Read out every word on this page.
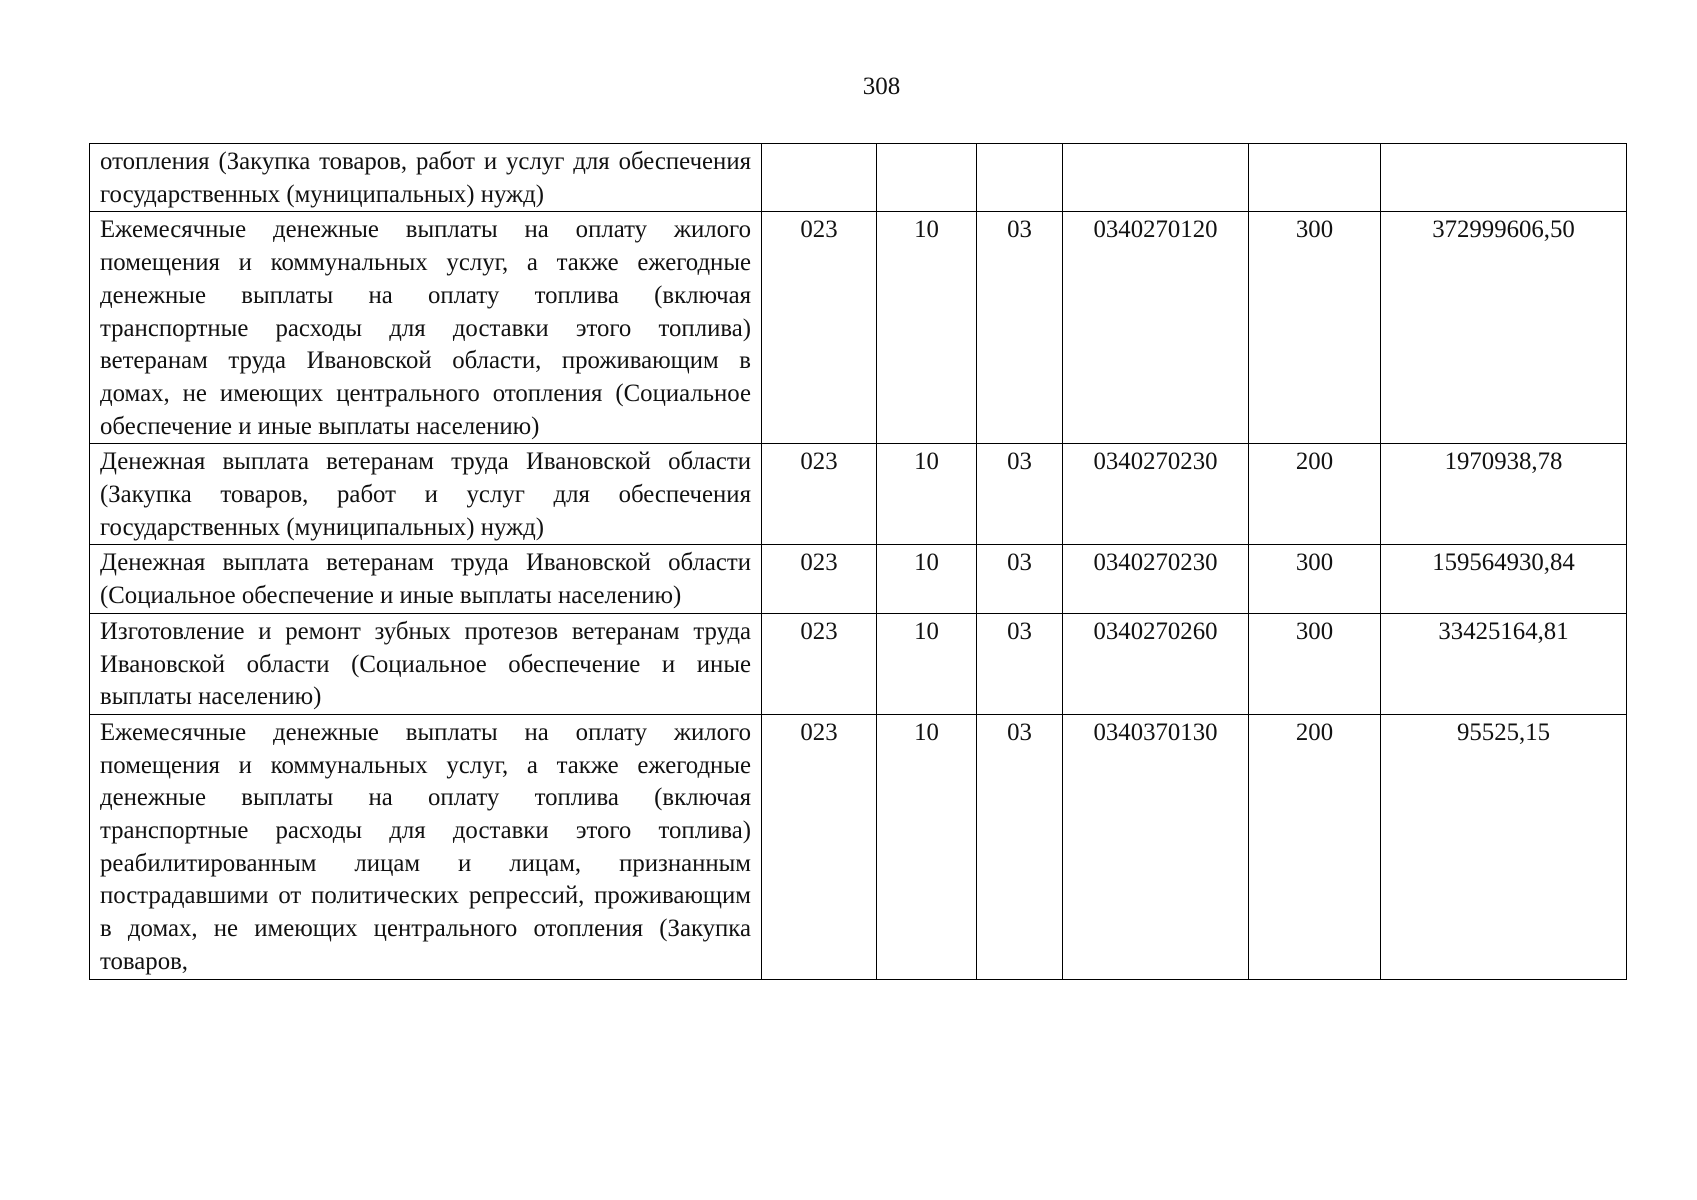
308
отопления (Закупка товаров, работ и услуг для обеспечения государственных (муниципальных) нужд)						
Ежемесячные денежные выплаты на оплату жилого помещения и коммунальных услуг, а также ежегодные денежные выплаты на оплату топлива (включая транспортные расходы для доставки этого топлива) ветеранам труда Ивановской области, проживающим в домах, не имеющих центрального отопления (Социальное обеспечение и иные выплаты населению)	023	10	03	0340270120	300	372999606,50
Денежная выплата ветеранам труда Ивановской области (Закупка товаров, работ и услуг для обеспечения государственных (муниципальных) нужд)	023	10	03	0340270230	200	1970938,78
Денежная выплата ветеранам труда Ивановской области (Социальное обеспечение и иные выплаты населению)	023	10	03	0340270230	300	159564930,84
Изготовление и ремонт зубных протезов ветеранам труда Ивановской области (Социальное обеспечение и иные выплаты населению)	023	10	03	0340270260	300	33425164,81
Ежемесячные денежные выплаты на оплату жилого помещения и коммунальных услуг, а также ежегодные денежные выплаты на оплату топлива (включая транспортные расходы для доставки этого топлива) реабилитированным лицам и лицам, признанным пострадавшими от политических репрессий, проживающим в домах, не имеющих центрального отопления (Закупка товаров,	023	10	03	0340370130	200	95525,15
